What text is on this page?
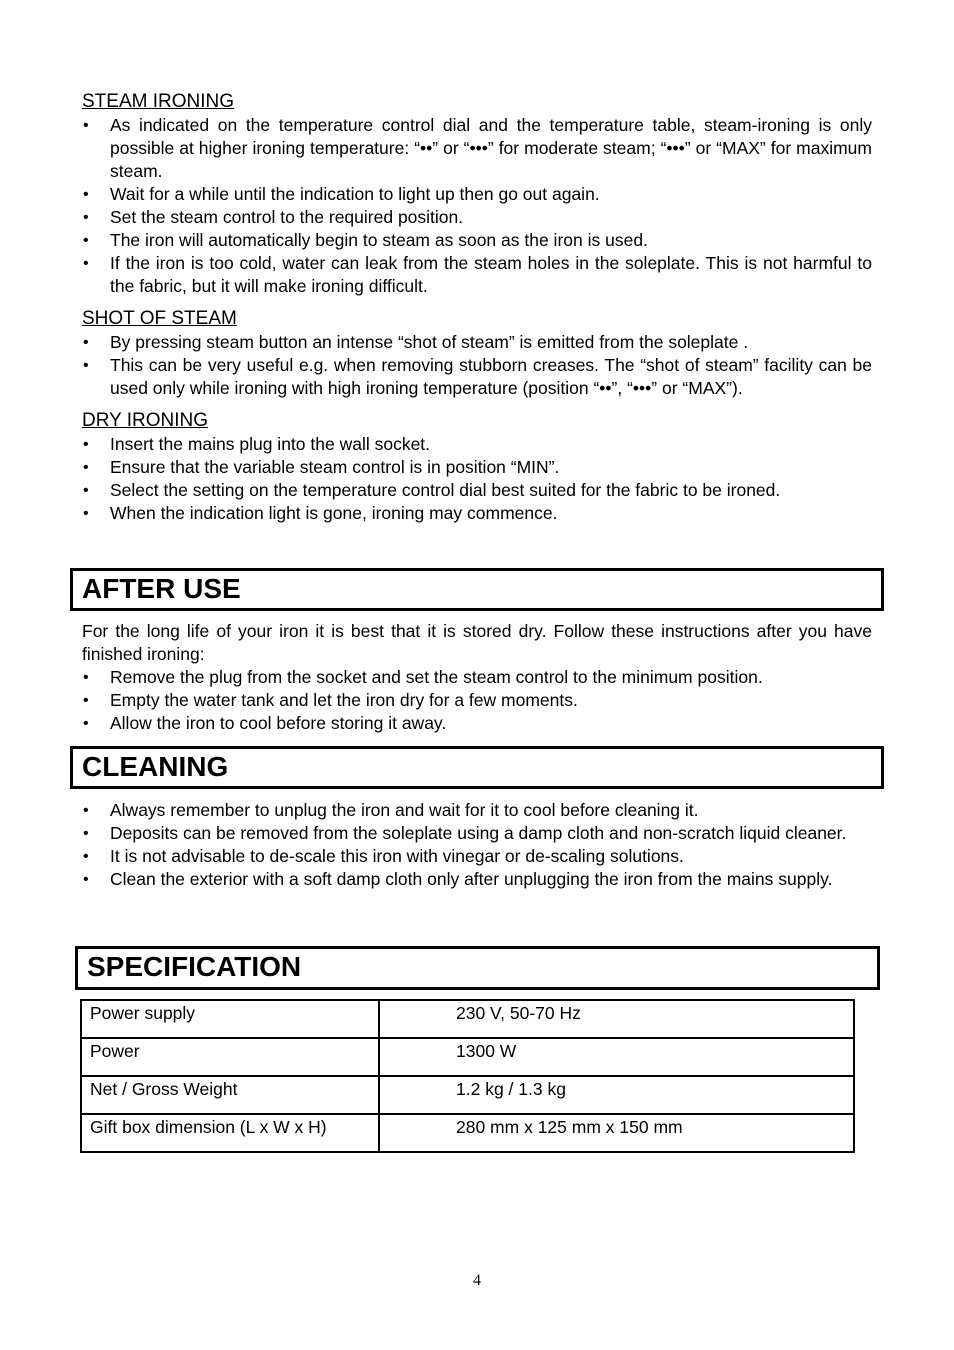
STEAM IRONING

• As indicated on the temperature control dial and the temperature table, steam-ironing is only possible at higher ironing temperature: “••” or “•••” for moderate steam; “•••” or “MAX” for maximum steam.
• Wait for a while until the indication to light up then go out again.
• Set the steam control to the required position.
• The iron will automatically begin to steam as soon as the iron is used.
• If the iron is too cold, water can leak from the steam holes in the soleplate. This is not harmful to the fabric, but it will make ironing difficult.

SHOT OF STEAM

• By pressing steam button an intense “shot of steam” is emitted from the soleplate .
• This can be very useful e.g. when removing stubborn creases. The “shot of steam” facility can be used only while ironing with high ironing temperature (position “••”, “•••” or “MAX”).

DRY IRONING

• Insert the mains plug into the wall socket.
• Ensure that the variable steam control is in position “MIN”.
• Select the setting on the temperature control dial best suited for the fabric to be ironed.
• When the indication light is gone, ironing may commence.
AFTER USE

For the long life of your iron it is best that it is stored dry. Follow these instructions after you have finished ironing:

• Remove the plug from the socket and set the steam control to the minimum position.
• Empty the water tank and let the iron dry for a few moments.
• Allow the iron to cool before storing it away.
CLEANING
• Always remember to unplug the iron and wait for it to cool before cleaning it.
• Deposits can be removed from the soleplate using a damp cloth and non-scratch liquid cleaner.
• It is not advisable to de-scale this iron with vinegar or de-scaling solutions.
• Clean the exterior with a soft damp cloth only after unplugging the iron from the mains supply.
SPECIFICATION
Power supply	230 V, 50-70 Hz
Power	1300 W
Net / Gross Weight	1.2 kg / 1.3 kg
Gift box dimension (L x W x H)	280 mm x 125 mm x 150 mm
4
